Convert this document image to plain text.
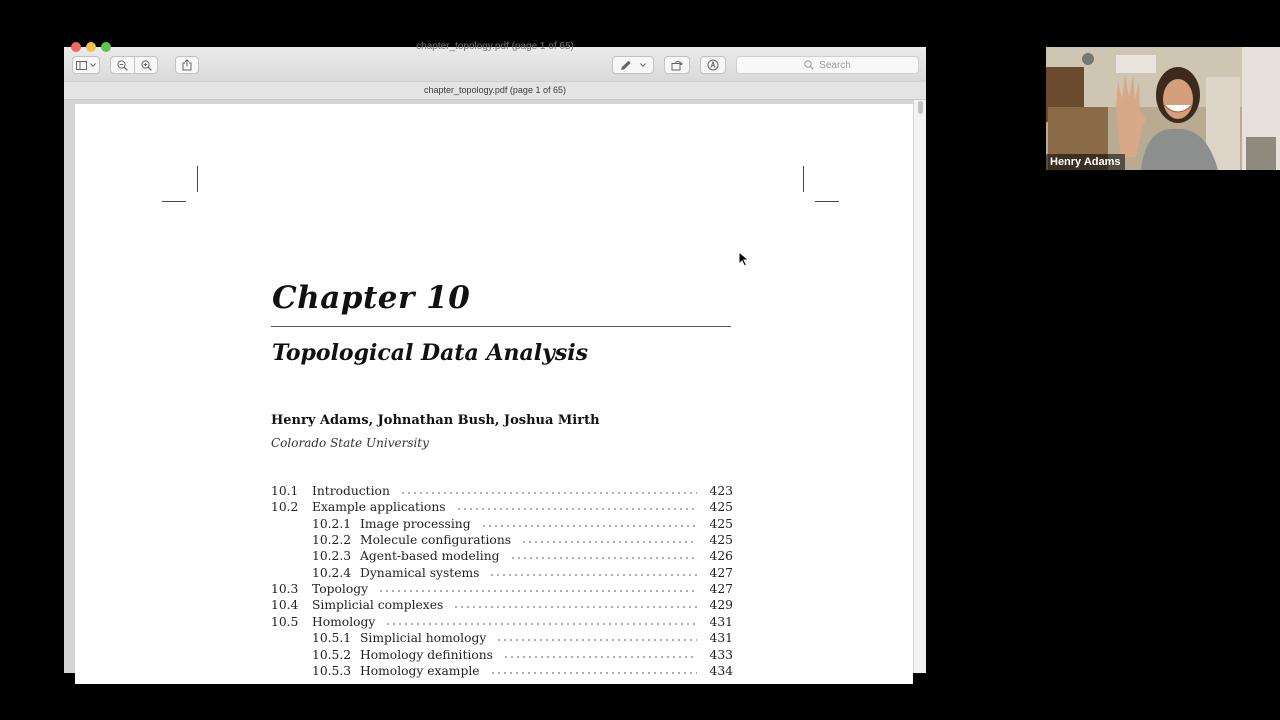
chapter_topology.pdf (page 1 of 65)
Search
chapter_topology.pdf (page 1 of 65)
Chapter 10
Topological Data Analysis
Henry Adams, Johnathan Bush, Joshua Mirth
Colorado State University
10.1 Introduction	423
10.2 Example applications	425
10.2.1 Image processing	425
10.2.2 Molecule configurations	425
10.2.3 Agent-based modeling	426
10.2.4 Dynamical systems	427
10.3 Topology	427
10.4 Simplicial complexes	429
10.5 Homology	431
10.5.1 Simplicial homology	431
10.5.2 Homology definitions	433
10.5.3 Homology example	434
Henry Adams
